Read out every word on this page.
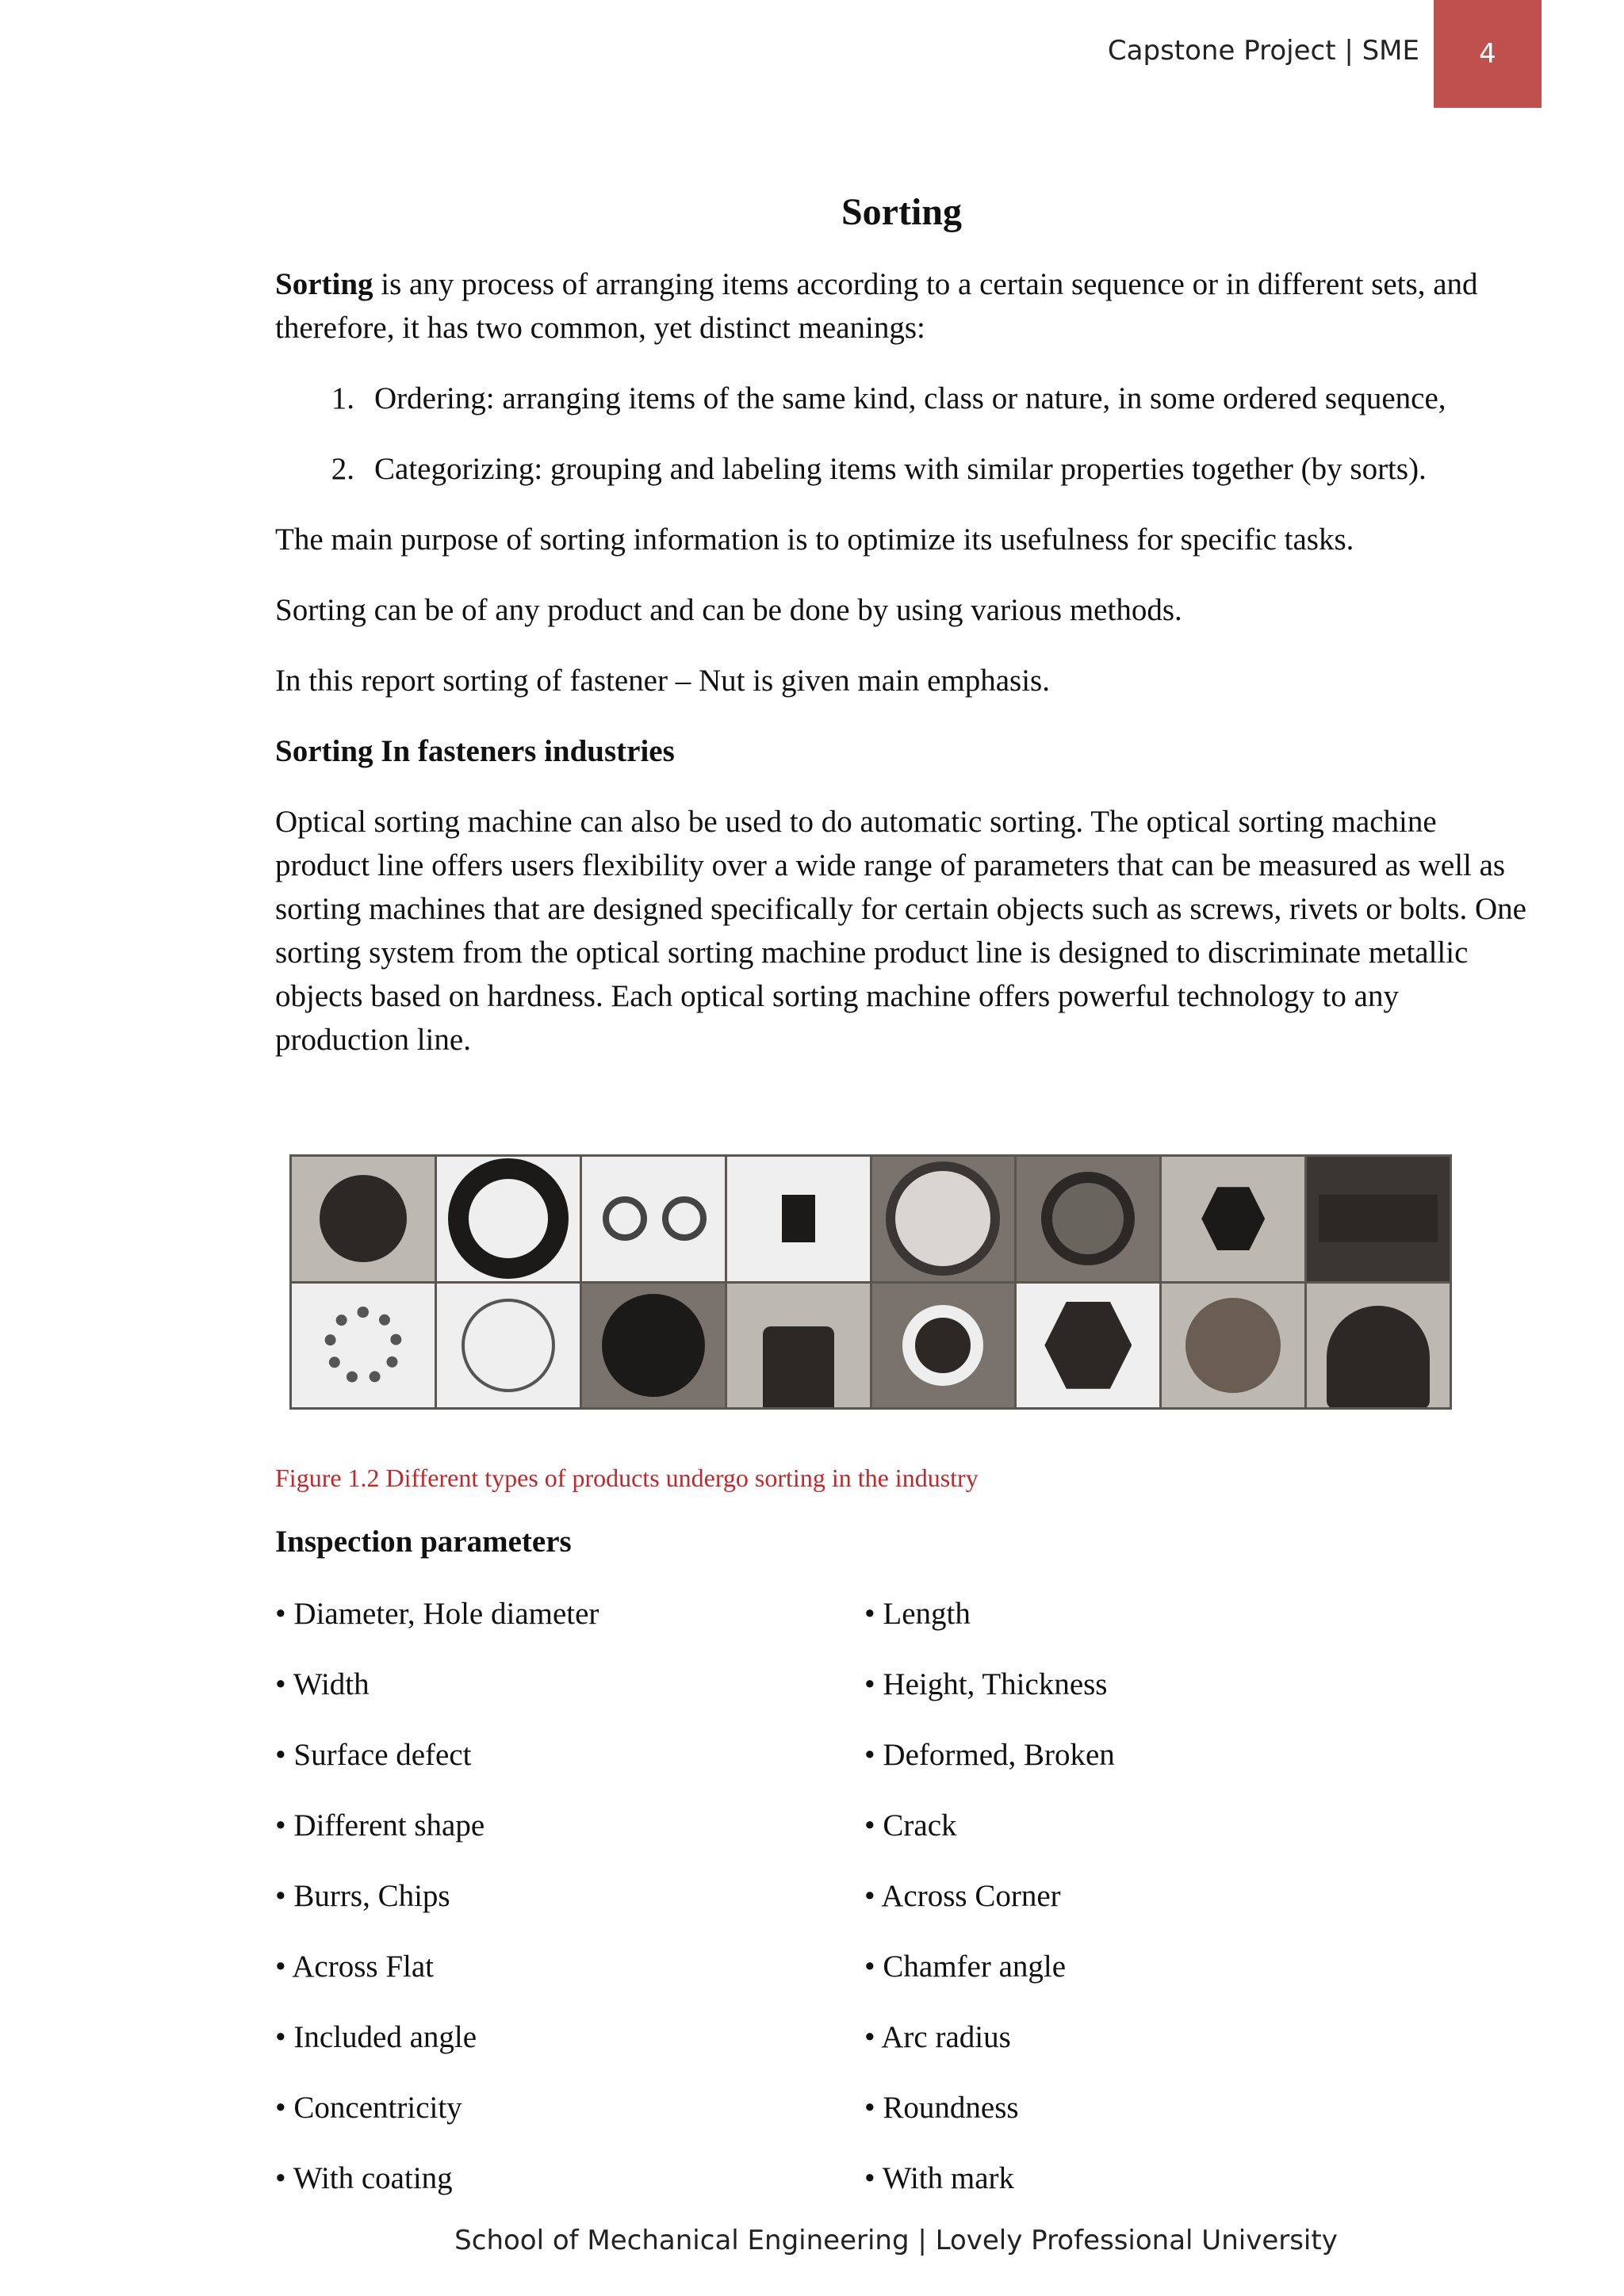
Capstone Project | SME	4
Sorting

Sorting is any process of arranging items according to a certain sequence or in different sets, and therefore, it has two common, yet distinct meanings:

1. Ordering: arranging items of the same kind, class or nature, in some ordered sequence,
2. Categorizing: grouping and labeling items with similar properties together (by sorts).

The main purpose of sorting information is to optimize its usefulness for specific tasks.

Sorting can be of any product and can be done by using various methods.

In this report sorting of fastener – Nut is given main emphasis.

Sorting In fasteners industries

Optical sorting machine can also be used to do automatic sorting. The optical sorting machine product line offers users flexibility over a wide range of parameters that can be measured as well as sorting machines that are designed specifically for certain objects such as screws, rivets or bolts. One sorting system from the optical sorting machine product line is designed to discriminate metallic objects based on hardness. Each optical sorting machine offers powerful technology to any production line.

Figure 1.2 Different types of products undergo sorting in the industry
Inspection parameters
• Diameter, Hole diameter	• Length
• Width	• Height, Thickness
• Surface defect	• Deformed, Broken
• Different shape	• Crack
• Burrs, Chips	• Across Corner
• Across Flat	• Chamfer angle
• Included angle	• Arc radius
• Concentricity	• Roundness
• With coating	• With mark
School of Mechanical Engineering | Lovely Professional University
